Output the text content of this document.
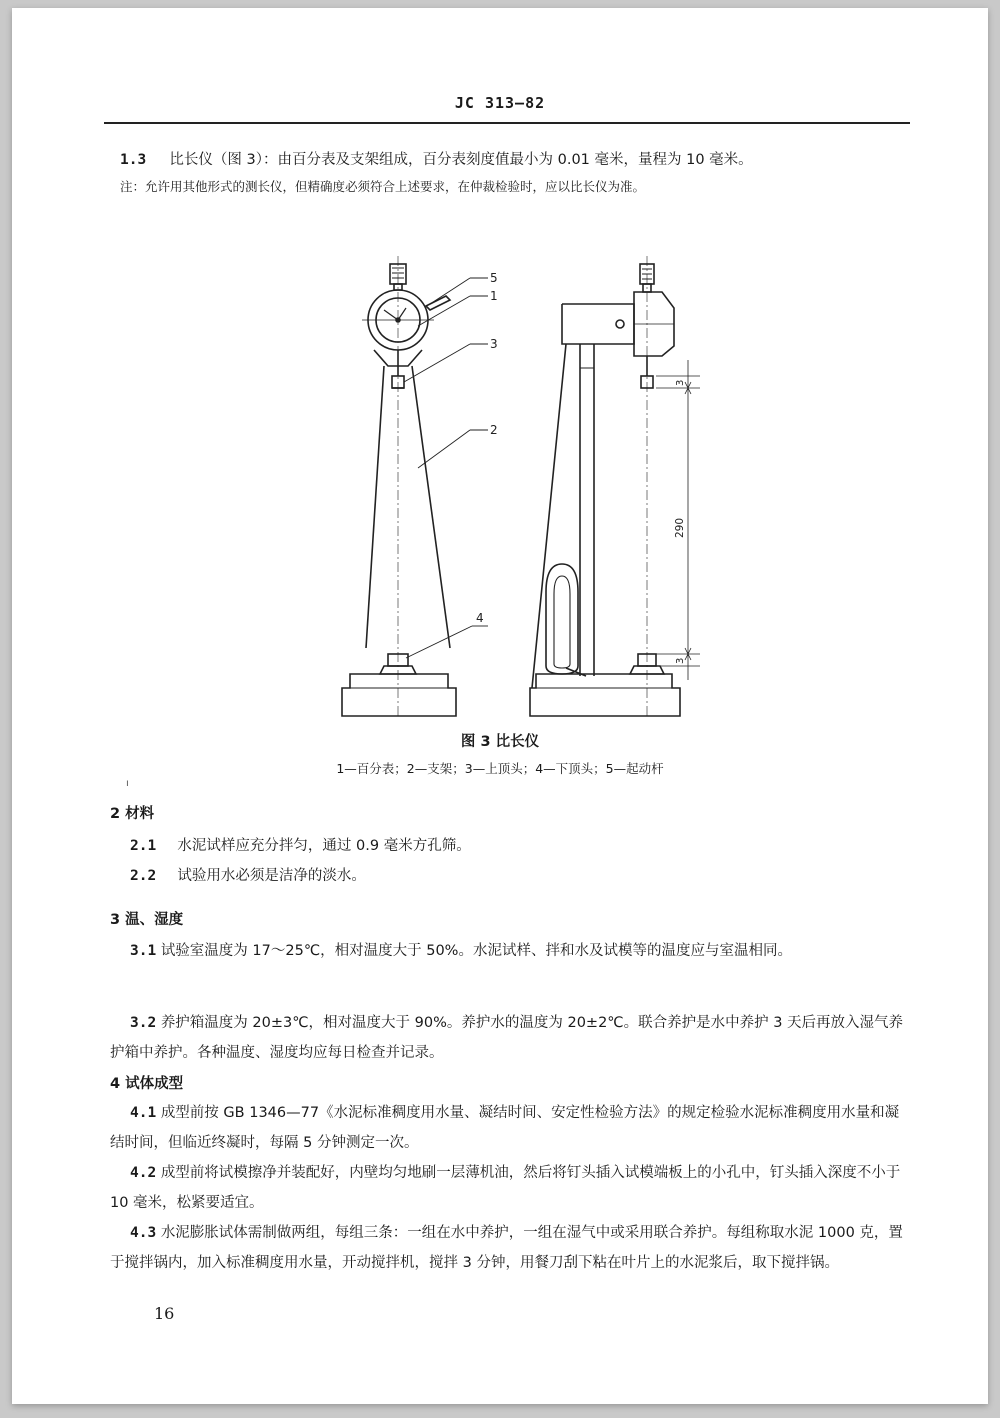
JC 313—82
1.3 比长仪（图 3）：由百分表及支架组成，百分表刻度值最小为 0.01 毫米，量程为 10 毫米。
注：允许用其他形式的测长仪，但精确度必须符合上述要求，在仲裁检验时，应以比长仪为准。
5
1
3
2
4
3
290
3
图 3 比长仪
1—百分表；2—支架；3—上顶头；4—下顶头；5—起动杆
ı
2 材料
2.1 水泥试样应充分拌匀，通过 0.9 毫米方孔筛。
2.2 试验用水必须是洁净的淡水。
3 温、湿度
3.1 试验室温度为 17～25℃，相对温度大于 50%。水泥试样、拌和水及试模等的温度应与室温相同。
3.2 养护箱温度为 20±3℃，相对温度大于 90%。养护水的温度为 20±2℃。联合养护是水中养护 3 天后再放入湿气养护箱中养护。各种温度、湿度均应每日检查并记录。
4 试体成型
4.1 成型前按 GB 1346—77《水泥标准稠度用水量、凝结时间、安定性检验方法》的规定检验水泥标准稠度用水量和凝结时间，但临近终凝时，每隔 5 分钟测定一次。
4.2 成型前将试模擦净并装配好，内壁均匀地刷一层薄机油，然后将钉头插入试模端板上的小孔中，钉头插入深度不小于 10 毫米，松紧要适宜。
4.3 水泥膨胀试体需制做两组，每组三条：一组在水中养护，一组在湿气中或采用联合养护。每组称取水泥 1000 克，置于搅拌锅内，加入标准稠度用水量，开动搅拌机，搅拌 3 分钟，用餐刀刮下粘在叶片上的水泥浆后，取下搅拌锅。
16
